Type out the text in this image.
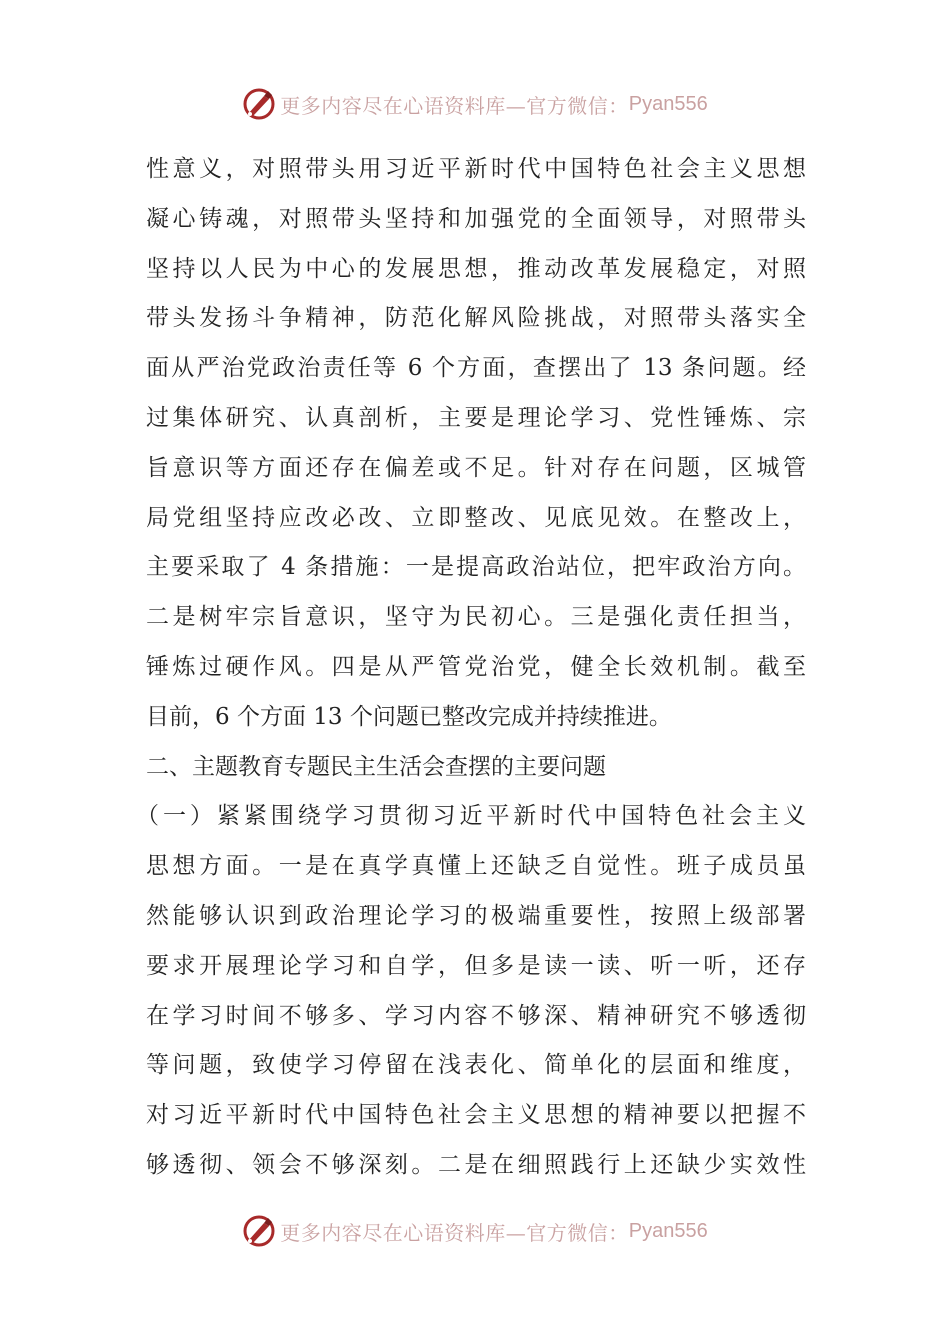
更多内容尽在心语资料库—官方微信： Pyan556
性意义，对照带头用习近平新时代中国特色社会主义思想
凝心铸魂，对照带头坚持和加强党的全面领导，对照带头
坚持以人民为中心的发展思想，推动改革发展稳定，对照
带头发扬斗争精神，防范化解风险挑战，对照带头落实全
面从严治党政治责任等 6 个方面，查摆出了 13 条问题。经
过集体研究、认真剖析，主要是理论学习、党性锤炼、宗
旨意识等方面还存在偏差或不足。针对存在问题，区城管
局党组坚持应改必改、立即整改、见底见效。在整改上，
主要采取了 4 条措施：一是提高政治站位，把牢政治方向。
二是树牢宗旨意识，坚守为民初心。三是强化责任担当，
锤炼过硬作风。四是从严管党治党，健全长效机制。截至
目前，6 个方面 13 个问题已整改完成并持续推进。
二、主题教育专题民主生活会查摆的主要问题
（一）紧紧围绕学习贯彻习近平新时代中国特色社会主义
思想方面。一是在真学真懂上还缺乏自觉性。班子成员虽
然能够认识到政治理论学习的极端重要性，按照上级部署
要求开展理论学习和自学，但多是读一读、听一听，还存
在学习时间不够多、学习内容不够深、精神研究不够透彻
等问题，致使学习停留在浅表化、简单化的层面和维度，
对习近平新时代中国特色社会主义思想的精神要以把握不
够透彻、领会不够深刻。二是在细照践行上还缺少实效性
更多内容尽在心语资料库—官方微信： Pyan556
